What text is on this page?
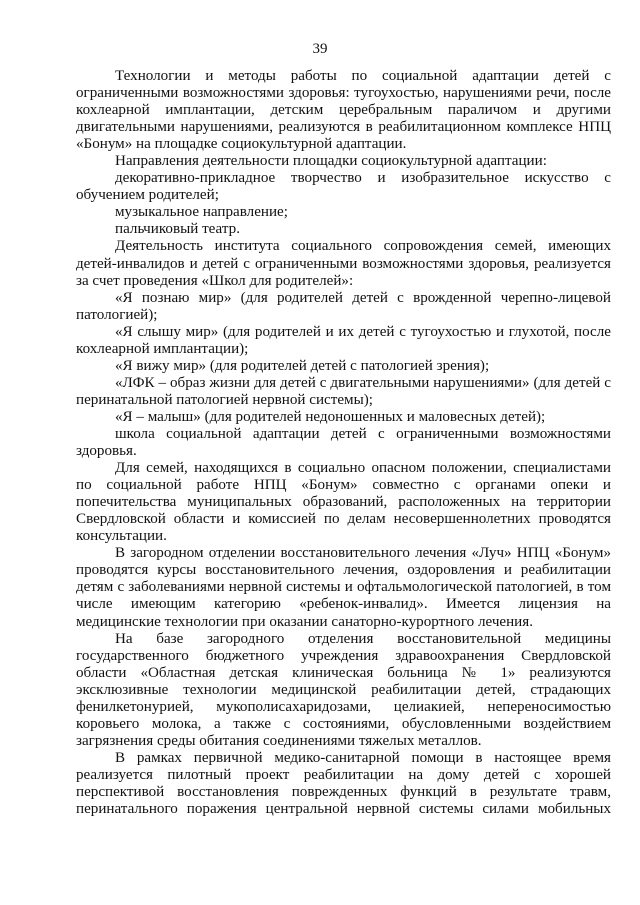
39

Технологии и методы работы по социальной адаптации детей с ограниченными возможностями здоровья: тугоухостью, нарушениями речи, после кохлеарной имплантации, детским церебральным параличом и другими двигательными нарушениями, реализуются в реабилитационном комплексе НПЦ «Бонум» на площадке социокультурной адаптации.

Направления деятельности площадки социокультурной адаптации:

декоративно-прикладное творчество и изобразительное искусство с обучением родителей;

музыкальное направление;

пальчиковый театр.

Деятельность института социального сопровождения семей, имеющих детей-инвалидов и детей с ограниченными возможностями здоровья, реализуется за счет проведения «Школ для родителей»:

«Я познаю мир» (для родителей детей с врожденной черепно-лицевой патологией);

«Я слышу мир» (для родителей и их детей с тугоухостью и глухотой, после кохлеарной имплантации);

«Я вижу мир» (для родителей детей с патологией зрения);

«ЛФК – образ жизни для детей с двигательными нарушениями» (для детей с перинатальной патологией нервной системы);

«Я – малыш» (для родителей недоношенных и маловесных детей);

школа социальной адаптации детей с ограниченными возможностями здоровья.

Для семей, находящихся в социально опасном положении, специалистами по социальной работе НПЦ «Бонум» совместно с органами опеки и попечительства муниципальных образований, расположенных на территории Свердловской области и комиссией по делам несовершеннолетних проводятся консультации.

В загородном отделении восстановительного лечения «Луч» НПЦ «Бонум» проводятся курсы восстановительного лечения, оздоровления и реабилитации детям с заболеваниями нервной системы и офтальмологической патологией, в том числе имеющим категорию «ребенок-инвалид». Имеется лицензия на медицинские технологии при оказании санаторно-курортного лечения.

На базе загородного отделения восстановительной медицины государственного бюджетного учреждения здравоохранения Свердловской области «Областная детская клиническая больница № 1» реализуются эксклюзивные технологии медицинской реабилитации детей, страдающих фенилкетонурией, мукополисахаридозами, целиакией, непереносимостью коровьего молока, а также с состояниями, обусловленными воздействием загрязнения среды обитания соединениями тяжелых металлов.

В рамках первичной медико-санитарной помощи в настоящее время реализуется пилотный проект реабилитации на дому детей с хорошей перспективой восстановления поврежденных функций в результате травм, перинатального поражения центральной нервной системы силами мобильных
